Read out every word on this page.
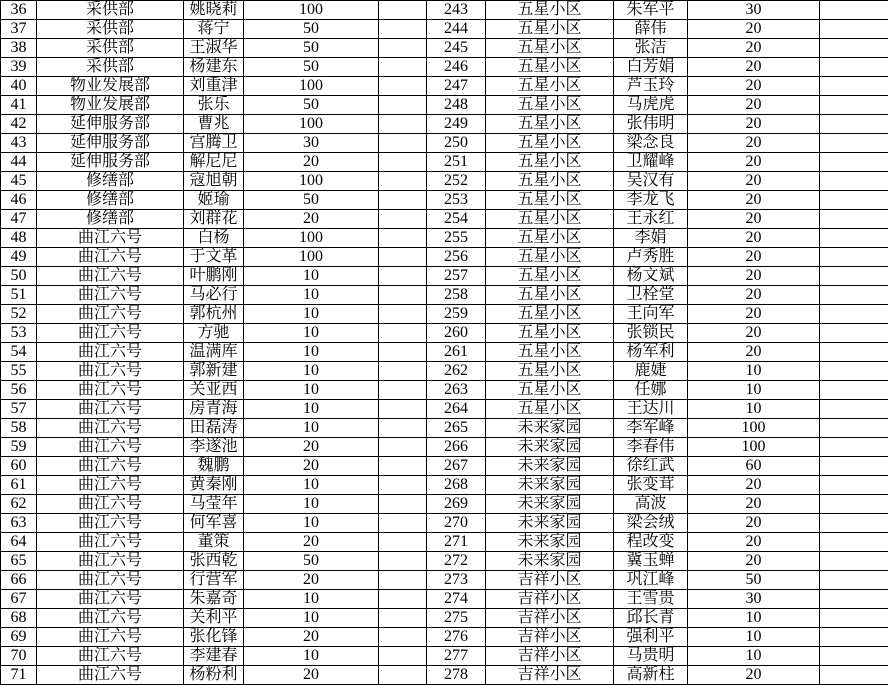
36	采供部	姚晓莉	100		243	五星小区	朱军平	30	
37	采供部	蒋宁	50		244	五星小区	薛伟	20	
38	采供部	王淑华	50		245	五星小区	张洁	20	
39	采供部	杨建东	50		246	五星小区	白芳娟	20	
40	物业发展部	刘重津	100		247	五星小区	芦玉玲	20	
41	物业发展部	张乐	50		248	五星小区	马虎虎	20	
42	延伸服务部	曹兆	100		249	五星小区	张伟明	20	
43	延伸服务部	宫腾卫	30		250	五星小区	梁念良	20	
44	延伸服务部	解尼尼	20		251	五星小区	卫耀峰	20	
45	修缮部	寇旭朝	100		252	五星小区	吴汉有	20	
46	修缮部	姬瑜	50		253	五星小区	李龙飞	20	
47	修缮部	刘群花	20		254	五星小区	王永红	20	
48	曲江六号	白杨	100		255	五星小区	李娟	20	
49	曲江六号	于文革	100		256	五星小区	卢秀胜	20	
50	曲江六号	叶鹏刚	10		257	五星小区	杨文斌	20	
51	曲江六号	马必行	10		258	五星小区	卫栓堂	20	
52	曲江六号	郭杭州	10		259	五星小区	王向军	20	
53	曲江六号	方驰	10		260	五星小区	张锁民	20	
54	曲江六号	温满库	10		261	五星小区	杨军利	20	
55	曲江六号	郭新建	10		262	五星小区	鹿婕	10	
56	曲江六号	关亚西	10		263	五星小区	任娜	10	
57	曲江六号	房青海	10		264	五星小区	王达川	10	
58	曲江六号	田磊涛	10		265	未来家园	李军峰	100	
59	曲江六号	李遂池	20		266	未来家园	李春伟	100	
60	曲江六号	魏鹏	20		267	未来家园	徐红武	60	
61	曲江六号	黄秦刚	10		268	未来家园	张变茸	20	
62	曲江六号	马莹年	10		269	未来家园	高波	20	
63	曲江六号	何军喜	10		270	未来家园	梁会绒	20	
64	曲江六号	董策	20		271	未来家园	程改变	20	
65	曲江六号	张西乾	50		272	未来家园	冀玉蝉	20	
66	曲江六号	行营军	20		273	吉祥小区	巩江峰	50	
67	曲江六号	朱嘉奇	10		274	吉祥小区	王雪贵	30	
68	曲江六号	关利平	10		275	吉祥小区	邱长青	10	
69	曲江六号	张化锋	20		276	吉祥小区	强利平	10	
70	曲江六号	李建春	10		277	吉祥小区	马贵明	10	
71	曲江六号	杨粉利	20		278	吉祥小区	高新柱	20	
